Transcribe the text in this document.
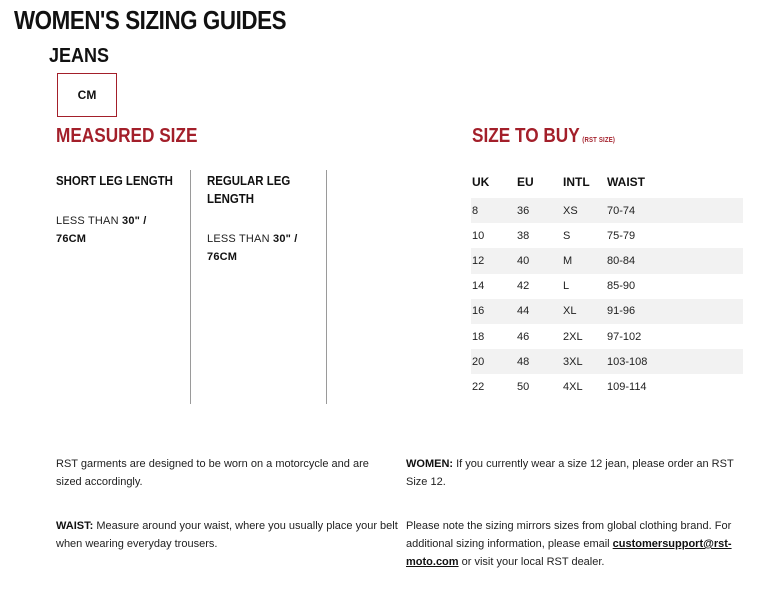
WOMEN'S SIZING GUIDES
JEANS
CM
MEASURED SIZE
SHORT LEG LENGTH
LESS THAN 30" / 76CM
REGULAR LEG
LENGTH
LESS THAN 30" / 76CM
SIZE TO BUY (RST SIZE)
UK	EU	INTL	WAIST
8	36	XS	70-74
10	38	S	75-79
12	40	M	80-84
14	42	L	85-90
16	44	XL	91-96
18	46	2XL	97-102
20	48	3XL	103-108
22	50	4XL	109-114
RST garments are designed to be worn on a motorcycle and are sized accordingly.
WAIST: Measure around your waist, where you usually place your belt when wearing everyday trousers.
WOMEN: If you currently wear a size 12 jean, please order an RST Size 12.
Please note the sizing mirrors sizes from global clothing brand. For additional sizing information, please email customersupport@rst-moto.com or visit your local RST dealer.
